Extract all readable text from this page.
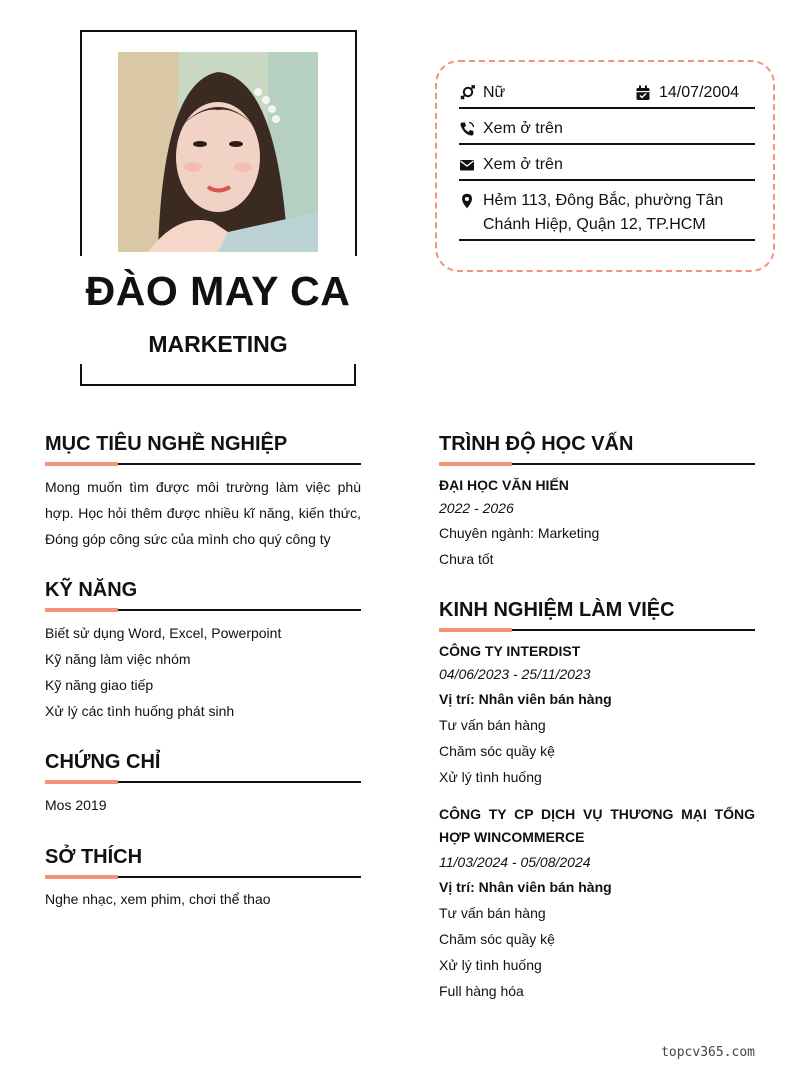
ĐÀO MAY CA
MARKETING
Nữ	14/07/2004
Xem ở trên
Xem ở trên
Hẻm 113, Đông Bắc, phường Tân Chánh Hiệp, Quận 12, TP.HCM
MỤC TIÊU NGHỀ NGHIỆP
Mong muốn tìm được môi trường làm việc phù hợp. Học hỏi thêm được nhiều kĩ năng, kiến thức, Đóng góp công sức của mình cho quý công ty
KỸ NĂNG
Biết sử dụng Word, Excel, Powerpoint
Kỹ năng làm việc nhóm
Kỹ năng giao tiếp
Xử lý các tình huống phát sinh
CHỨNG CHỈ
Mos 2019
SỞ THÍCH
Nghe nhạc, xem phim, chơi thể thao
TRÌNH ĐỘ HỌC VẤN
ĐẠI HỌC VĂN HIẾN
2022 - 2026
Chuyên ngành: Marketing
Chưa tốt
KINH NGHIỆM LÀM VIỆC
CÔNG TY INTERDIST
04/06/2023 - 25/11/2023
Vị trí: Nhân viên bán hàng
Tư vấn bán hàng
Chăm sóc quầy kệ
Xử lý tình huống
CÔNG TY CP DỊCH VỤ THƯƠNG MẠI TỔNG HỢP WINCOMMERCE
11/03/2024 - 05/08/2024
Vị trí: Nhân viên bán hàng
Tư vấn bán hàng
Chăm sóc quầy kệ
Xử lý tình huống
Full hàng hóa
topcv365.com
